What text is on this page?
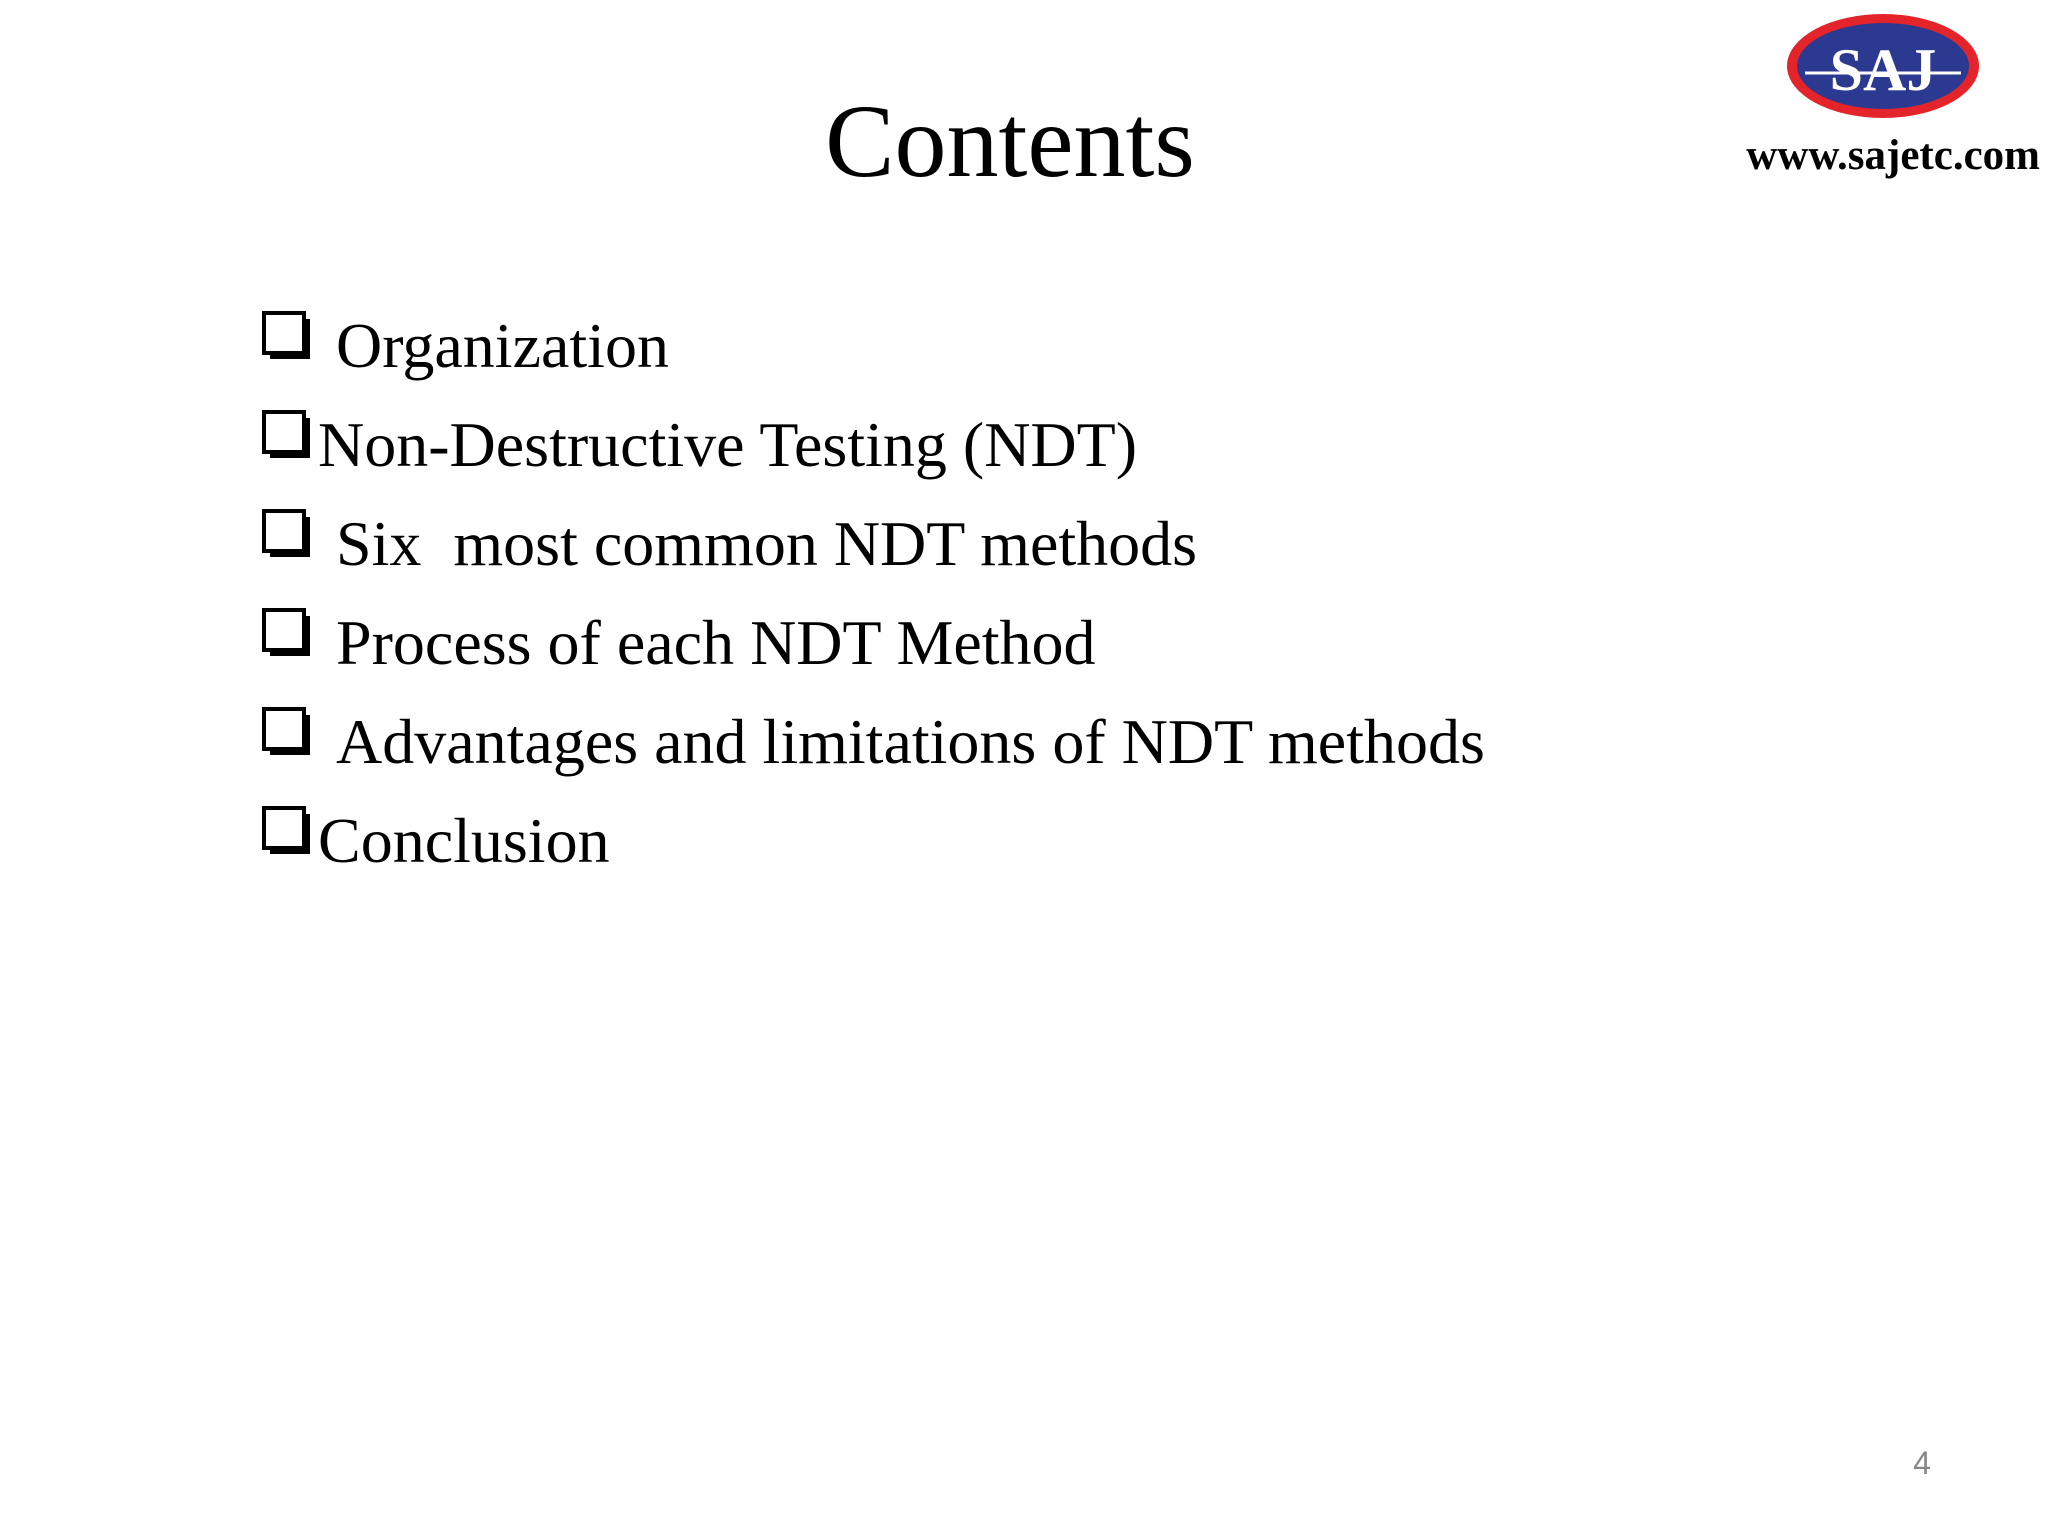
Contents
SAJ
www.sajetc.com
Organization
Non-Destructive Testing (NDT)
Six  most common NDT methods
Process of each NDT Method
Advantages and limitations of NDT methods
Conclusion
4
